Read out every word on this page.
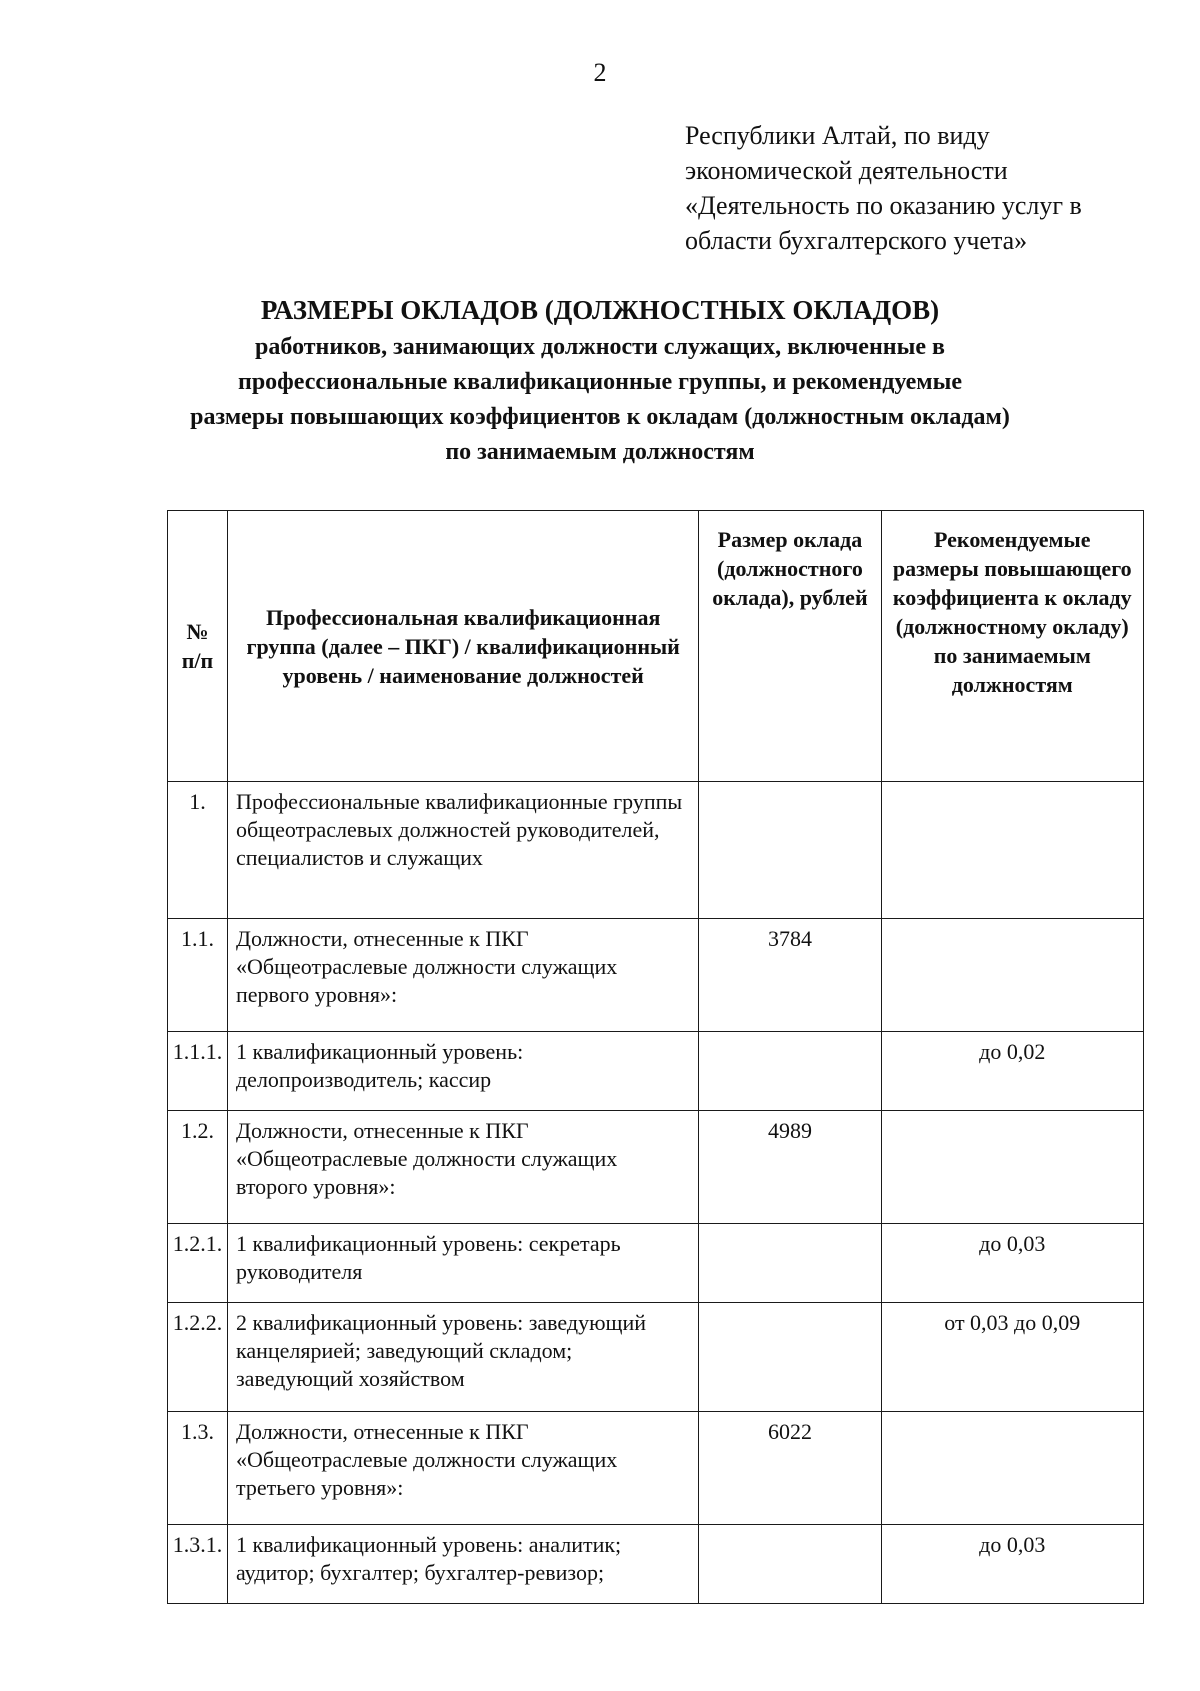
2
Республики Алтай, по виду
экономической деятельности
«Деятельность по оказанию услуг в
области бухгалтерского учета»
РАЗМЕРЫ ОКЛАДОВ (ДОЛЖНОСТНЫХ ОКЛАДОВ)
работников, занимающих должности служащих, включенные в
профессиональные квалификационные группы, и рекомендуемые
размеры повышающих коэффициентов к окладам (должностным окладам)
по занимаемым должностям
№ п/п	Профессиональная квалификационная группа (далее – ПКГ) / квалификационный уровень / наименование должностей	Размер оклада (должностного оклада), рублей	Рекомендуемые размеры повышающего коэффициента к окладу (должностному окладу) по занимаемым должностям
1.	Профессиональные квалификационные группы общеотраслевых должностей руководителей, специалистов и служащих		
1.1.	Должности, отнесенные к ПКГ «Общеотраслевые должности служащих первого уровня»:	3784	
1.1.1.	1 квалификационный уровень: делопроизводитель; кассир		до 0,02
1.2.	Должности, отнесенные к ПКГ «Общеотраслевые должности служащих второго уровня»:	4989	
1.2.1.	1 квалификационный уровень: секретарь руководителя		до 0,03
1.2.2.	2 квалификационный уровень: заведующий канцелярией; заведующий складом; заведующий хозяйством		от 0,03 до 0,09
1.3.	Должности, отнесенные к ПКГ «Общеотраслевые должности служащих третьего уровня»:	6022	
1.3.1.	1 квалификационный уровень: аналитик; аудитор; бухгалтер; бухгалтер-ревизор;		до 0,03
